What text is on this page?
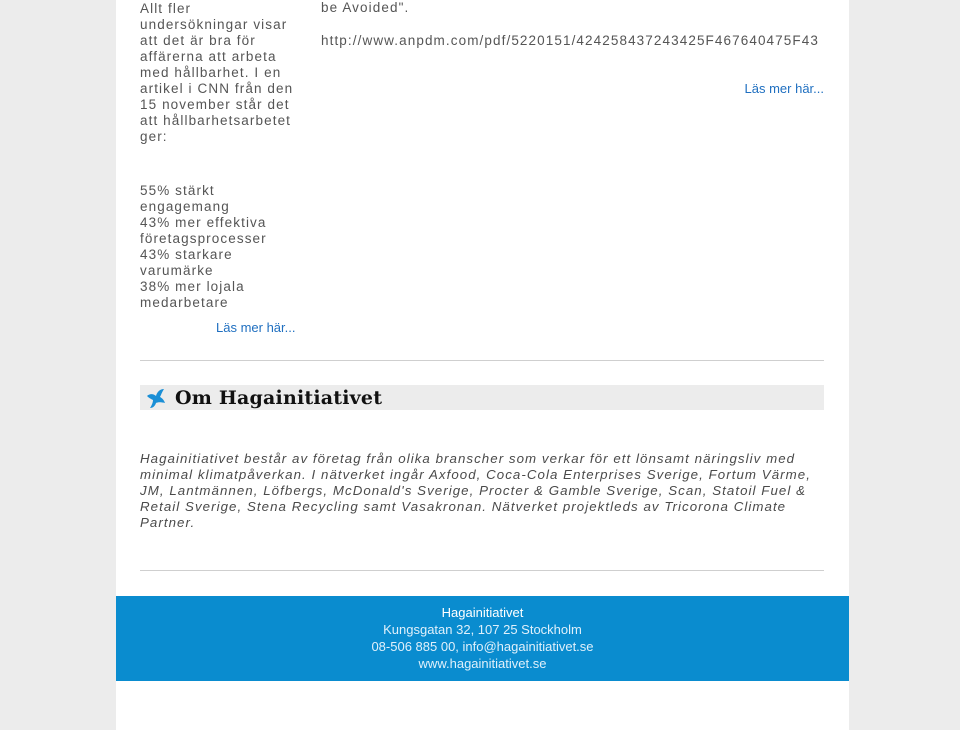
Allt fler undersökningar visar att det är bra för affärerna att arbeta med hållbarhet. I en artikel i CNN från den 15 november står det att hållbarhetsarbetet ger:

55% stärkt engagemang
43% mer effektiva företagsprocesser
43% starkare varumärke
38% mer lojala medarbetare
Läs mer här...

be Avoided".

http://www.anpdm.com/pdf/5220151/424258437243425F467640475F43
Läs mer här...
Om Hagainitiativet

Hagainitiativet består av företag från olika branscher som verkar för ett lönsamt näringsliv med minimal klimatpåverkan. I nätverket ingår Axfood, Coca-Cola Enterprises Sverige, Fortum Värme, JM, Lantmännen, Löfbergs, McDonald's Sverige, Procter & Gamble Sverige, Scan, Statoil Fuel & Retail Sverige, Stena Recycling samt Vasakronan. Nätverket projektleds av Tricorona Climate Partner.

Hagainitiativet
Kungsgatan 32, 107 25 Stockholm
08-506 885 00, info@hagainitiativet.se
www.hagainitiativet.se
